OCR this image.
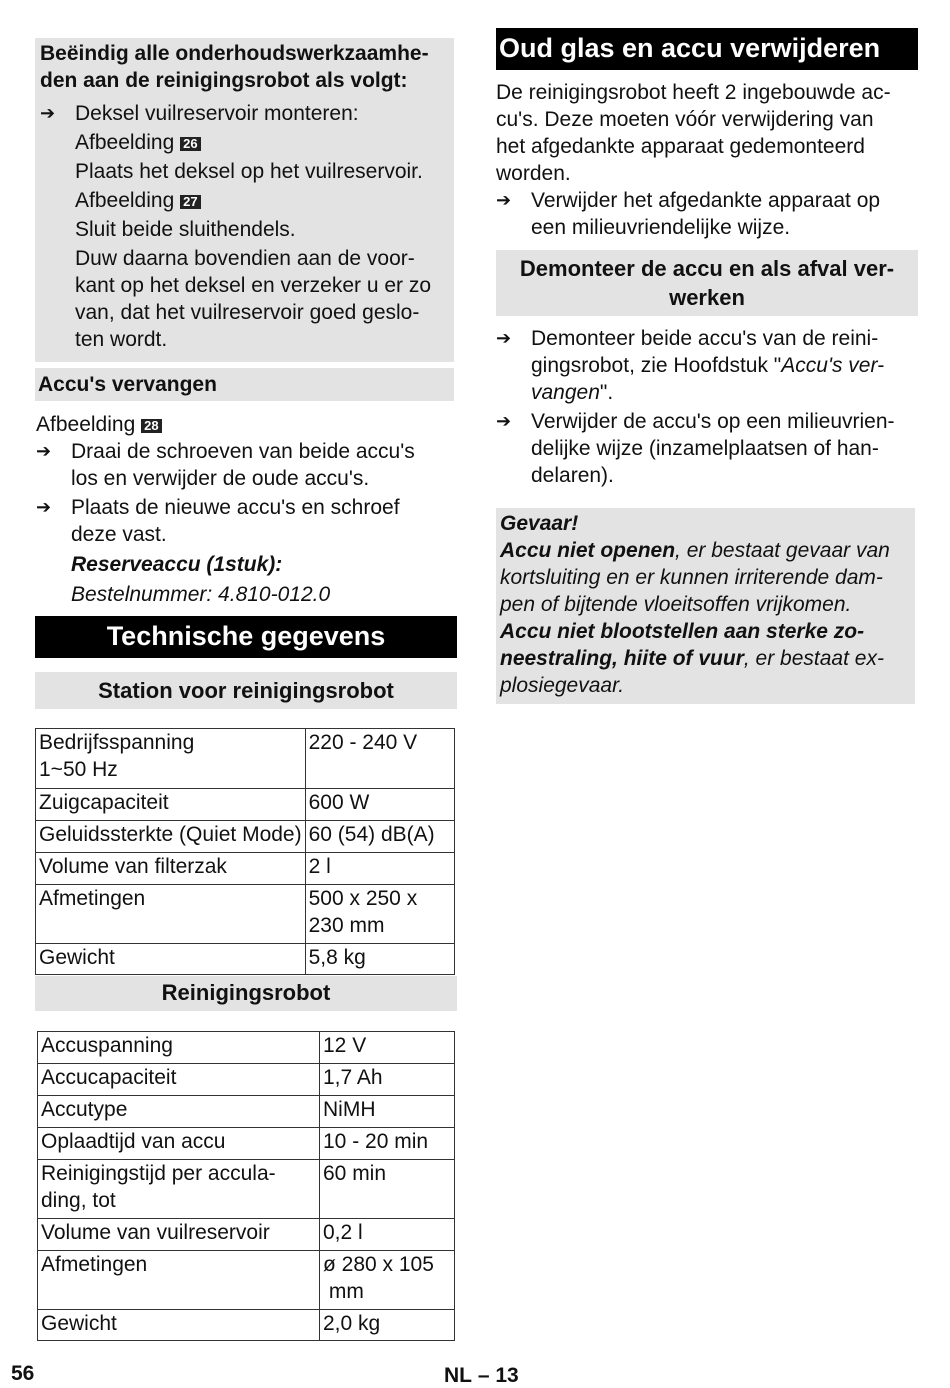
Beëindig alle onderhoudswerkzaamhe-
den aan de reinigingsrobot als volgt:
➔ Deksel vuilreservoir monteren:
Afbeelding 26
Plaats het deksel op het vuilreservoir.
Afbeelding 27
Sluit beide sluithendels.
Duw daarna bovendien aan de voor-
kant op het deksel en verzeker u er zo
van, dat het vuilreservoir goed geslo-
ten wordt.
Accu's vervangen
Afbeelding 28
➔ Draai de schroeven van beide accu's
los en verwijder de oude accu's.
➔ Plaats de nieuwe accu's en schroef
deze vast.
Reserveaccu (1stuk):
Bestelnummer: 4.810-012.0
Technische gegevens
Station voor reinigingsrobot
Bedrijfsspanning
1~50 Hz	220 - 240 V

Zuigcapaciteit	600 W
Geluidssterkte (Quiet Mode)	60 (54) dB(A)
Volume van filterzak	2 l
Afmetingen	500 x 250 x
230 mm

Gewicht	5,8 kg
Reinigingsrobot
Accuspanning	12 V
Accucapaciteit	1,7 Ah
Accutype	NiMH
Oplaadtijd van accu	10 - 20 min

Reinigingstijd per accula-
ding, tot	60 min
Volume van vuilreservoir	0,2 l
Afmetingen	ø 280 x 105
mm

Gewicht	2,0 kg
Oud glas en accu verwijderen
De reinigingsrobot heeft 2 ingebouwde ac-
cu's. Deze moeten vóór verwijdering van
het afgedankte apparaat gedemonteerd
worden.
➔ Verwijder het afgedankte apparaat op
een milieuvriendelijke wijze.
Demonteer de accu en als afval ver-
werken
➔ Demonteer beide accu's van de reini-
gingsrobot, zie Hoofdstuk "Accu's ver-
vangen".
➔ Verwijder de accu's op een milieuvrien-
delijke wijze (inzamelplaatsen of han-
delaren).
Gevaar!
Accu niet openen, er bestaat gevaar van
kortsluiting en er kunnen irriterende dam-
pen of bijtende vloeitsoffen vrijkomen.
Accu niet blootstellen aan sterke zo-
neestraling, hiite of vuur, er bestaat ex-
plosiegevaar.
56	NL – 13
